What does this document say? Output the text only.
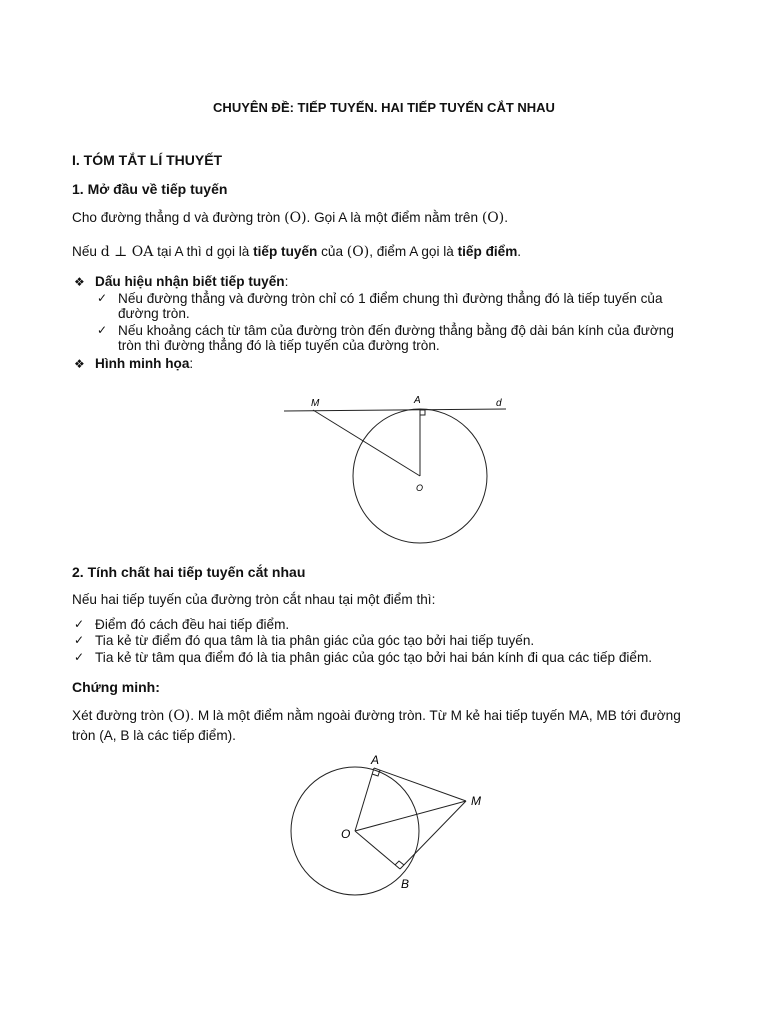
CHUYÊN ĐỀ: TIẾP TUYẾN. HAI TIẾP TUYẾN CẮT NHAU
I. TÓM TẮT LÍ THUYẾT
1. Mở đầu về tiếp tuyến
Cho đường thẳng d và đường tròn (O). Gọi A là một điểm nằm trên (O).
Nếu d ⊥ OA tại A thì d gọi là tiếp tuyến của (O), điểm A gọi là tiếp điểm.
❖ Dấu hiệu nhận biết tiếp tuyến:
✓ Nếu đường thẳng và đường tròn chỉ có 1 điểm chung thì đường thẳng đó là tiếp tuyến của
đường tròn.
✓ Nếu khoảng cách từ tâm của đường tròn đến đường thẳng bằng độ dài bán kính của đường
tròn thì đường thẳng đó là tiếp tuyến của đường tròn.
❖ Hình minh họa:
M	A	d
O
2. Tính chất hai tiếp tuyến cắt nhau
Nếu hai tiếp tuyến của đường tròn cắt nhau tại một điểm thì:
✓ Điểm đó cách đều hai tiếp điểm.
✓ Tia kẻ từ điểm đó qua tâm là tia phân giác của góc tạo bởi hai tiếp tuyến.
✓ Tia kẻ từ tâm qua điểm đó là tia phân giác của góc tạo bởi hai bán kính đi qua các tiếp điểm.
Chứng minh:
Xét đường tròn (O). M là một điểm nằm ngoài đường tròn. Từ M kẻ hai tiếp tuyến MA, MB tới đường
tròn (A, B là các tiếp điểm).
A
M
O
B
